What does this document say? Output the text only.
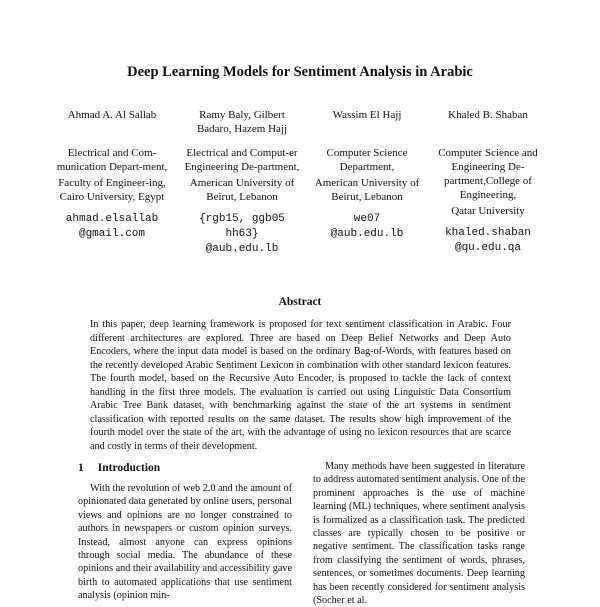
Deep Learning Models for Sentiment Analysis in Arabic
Ahmad A. Al Sallab
Electrical and Com-munication Depart-ment,
Faculty of Engineer-ing, Cairo University, Egypt
ahmad.elsallab
@gmail.com
Ramy Baly, Gilbert Badaro, Hazem Hajj
Electrical and Comput-er Engineering De-partment,
American University of Beirut, Lebanon
{rgb15, ggb05
hh63}
@aub.edu.lb
Wassim El Hajj
Computer Science Department,
American University of Beirut, Lebanon
we07
@aub.edu.lb
Khaled B. Shaban
Computer Science and Engineering De-partment,College of Engineering,
Qatar University
khaled.shaban
@qu.edu.qa
Abstract
In this paper, deep learning framework is proposed for text sentiment classification in Arabic. Four different architectures are explored. Three are based on Deep Belief Networks and Deep Auto Encoders, where the input data model is based on the ordinary Bag-of-Words, with features based on the recently developed Arabic Sentiment Lexicon in combination with other standard lexicon features. The fourth model, based on the Recursive Auto Encoder, is proposed to tackle the lack of context handling in the first three models. The evaluation is carried out using Linguistic Data Consortium Arabic Tree Bank dataset, with benchmarking against the state of the art systems in sentiment classification with reported results on the same dataset. The results show high improvement of the fourth model over the state of the art, with the advantage of using no lexicon resources that are scarce and costly in terms of their development.
1 Introduction
With the revolution of web 2.0 and the amount of opinionated data generated by online users, personal views and opinions are no longer constrained to authors in newspapers or custom opinion surveys. Instead, almost anyone can express opinions through social media. The abundance of these opinions and their availability and accessibility gave birth to automated applications that use sentiment analysis (opinion min-
Many methods have been suggested in literature to address automated sentiment analysis. One of the prominent approaches is the use of machine learning (ML) techniques, where sentiment analysis is formalized as a classification task. The predicted classes are typically chosen to be positive or negative sentiment. The classification tasks range from classifying the sentiment of words, phrases, sentences, or sometimes documents. Deep learning has been recently considered for sentiment analysis (Socher et al.
